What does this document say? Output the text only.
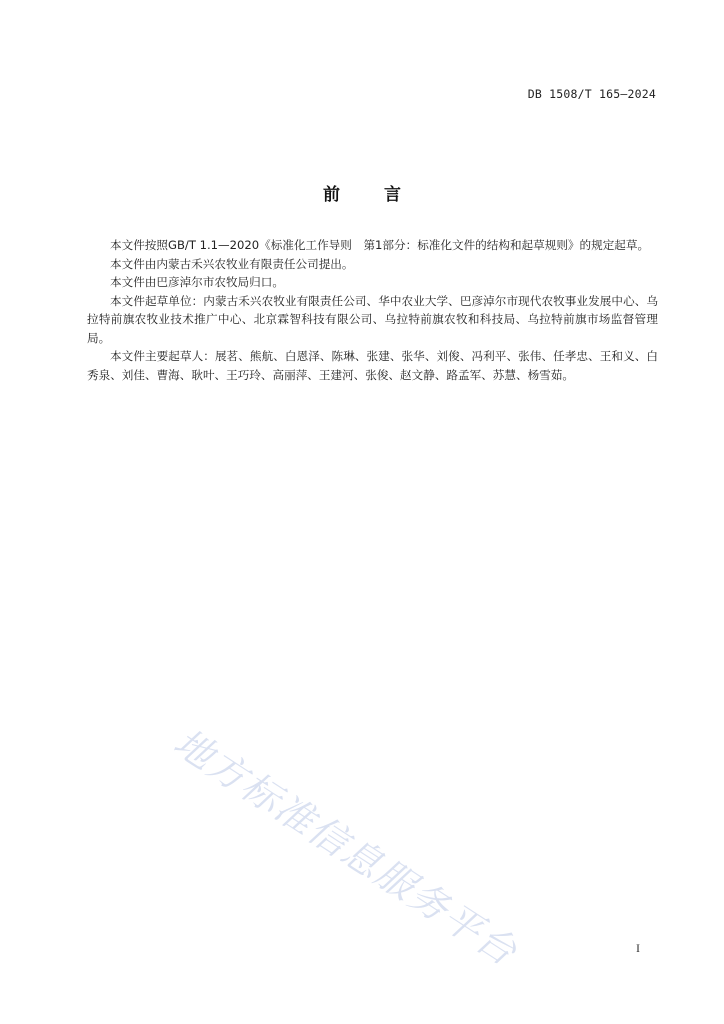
DB 1508/T 165—2024
前	言

本文件按照GB/T 1.1—2020《标准化工作导则　第1部分：标准化文件的结构和起草规则》的规定起草。

本文件由内蒙古禾兴农牧业有限责任公司提出。

本文件由巴彦淖尔市农牧局归口。

本文件起草单位：内蒙古禾兴农牧业有限责任公司、华中农业大学、巴彦淖尔市现代农牧事业发展中心、乌拉特前旗农牧业技术推广中心、北京霖智科技有限公司、乌拉特前旗农牧和科技局、乌拉特前旗市场监督管理局。

本文件主要起草人：展茗、熊航、白恩泽、陈琳、张建、张华、刘俊、冯利平、张伟、任孝忠、王和义、白秀泉、刘佳、曹海、耿叶、王巧玲、高丽萍、王建河、张俊、赵文静、路孟军、苏慧、杨雪茹。

地方标准信息服务平台	I
